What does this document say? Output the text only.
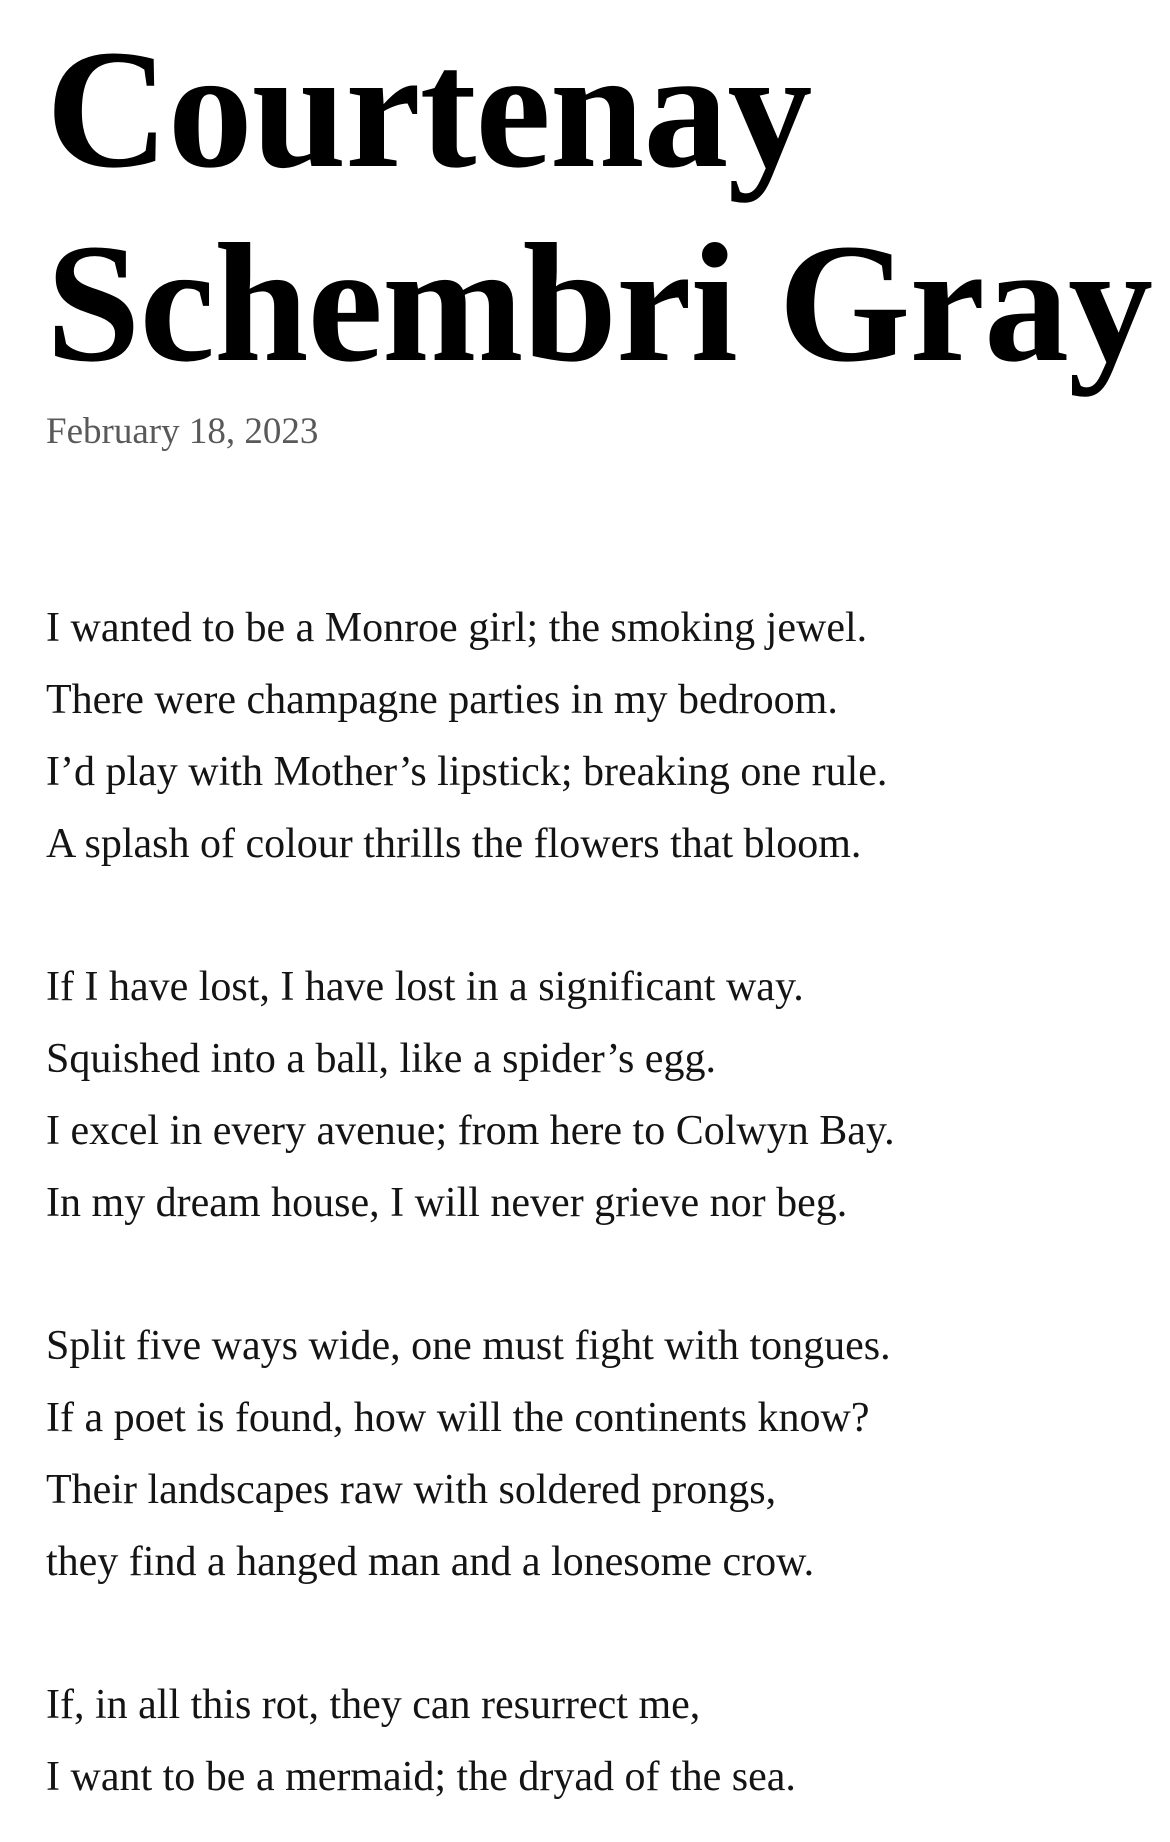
Courtenay
Schembri Gray
February 18, 2023
I wanted to be a Monroe girl; the smoking jewel.
There were champagne parties in my bedroom.
I’d play with Mother’s lipstick; breaking one rule.
A splash of colour thrills the flowers that bloom.
If I have lost, I have lost in a significant way.
Squished into a ball, like a spider’s egg.
I excel in every avenue; from here to Colwyn Bay.
In my dream house, I will never grieve nor beg.
Split five ways wide, one must fight with tongues.
If a poet is found, how will the continents know?
Their landscapes raw with soldered prongs,
they find a hanged man and a lonesome crow.
If, in all this rot, they can resurrect me,
I want to be a mermaid; the dryad of the sea.
